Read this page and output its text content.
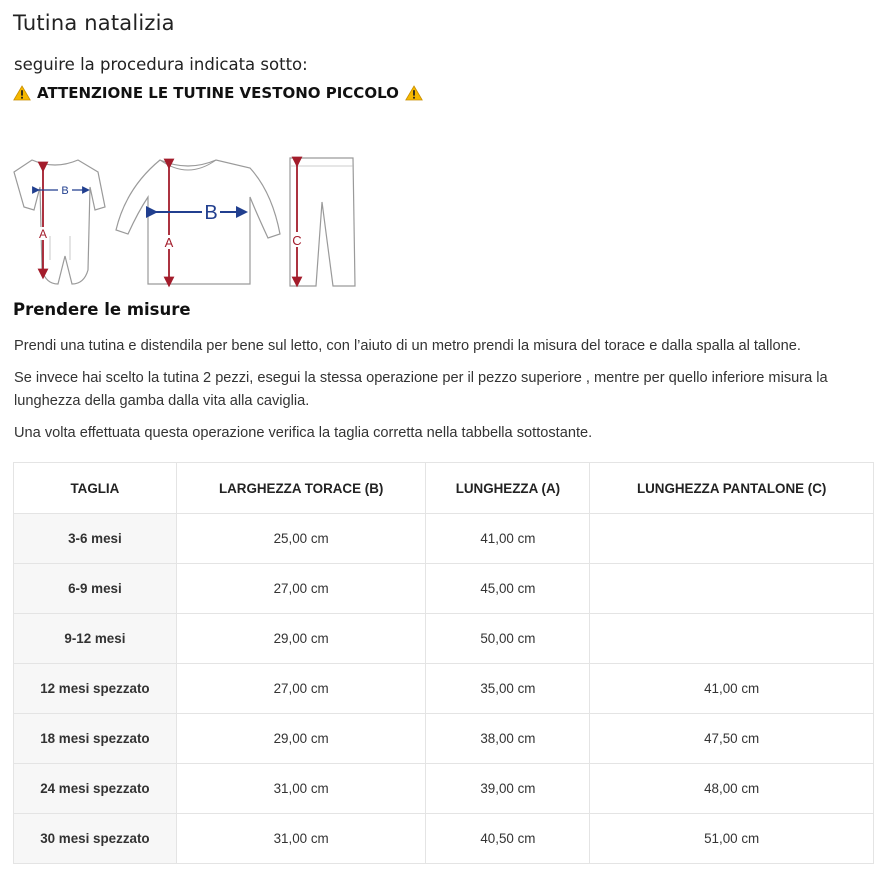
Tutina natalizia
seguire la procedura indicata sotto:
ATTENZIONE LE TUTINE VESTONO PICCOLO
B
A
B
A	C
Prendere le misure

Prendi una tutina e distendila per bene sul letto, con l’aiuto di un metro prendi la misura del torace e dalla spalla al tallone.

Se invece hai scelto la tutina 2 pezzi, esegui la stessa operazione per il pezzo superiore , mentre per quello inferiore misura la lunghezza della gamba dalla vita alla caviglia.

Una volta effettuata questa operazione verifica la taglia corretta nella tabbella sottostante.

TAGLIA	LARGHEZZA TORACE (B)	LUNGHEZZA (A)	LUNGHEZZA PANTALONE (C)
3-6 mesi	25,00 cm	41,00 cm	
6-9 mesi	27,00 cm	45,00 cm	
9-12 mesi	29,00 cm	50,00 cm	
12 mesi spezzato	27,00 cm	35,00 cm	41,00 cm
18 mesi spezzato	29,00 cm	38,00 cm	47,50 cm
24 mesi spezzato	31,00 cm	39,00 cm	48,00 cm
30 mesi spezzato	31,00 cm	40,50 cm	51,00 cm
